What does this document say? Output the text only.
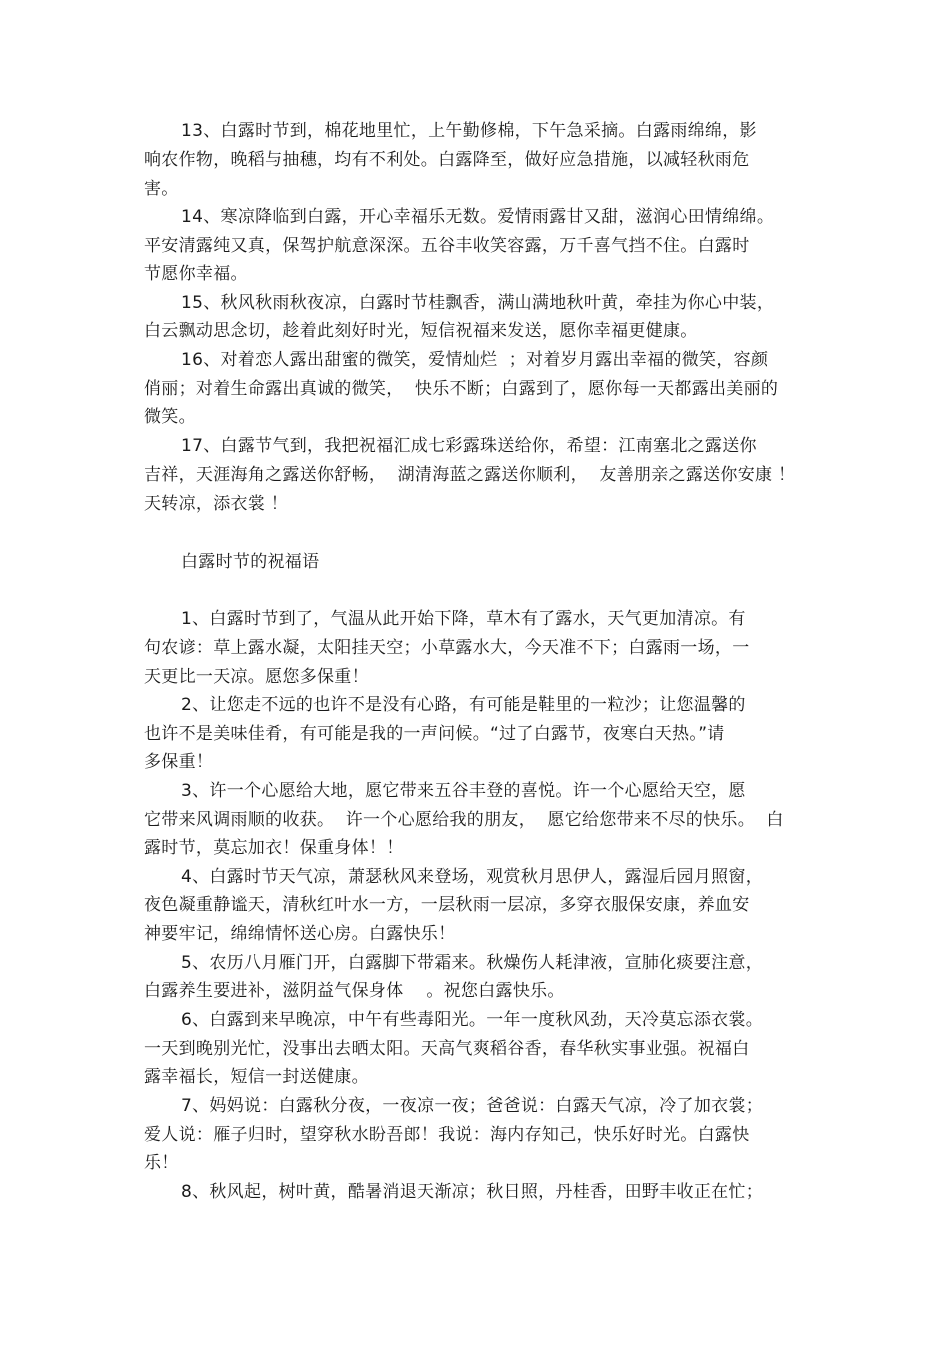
13、白露时节到，棉花地里忙，上午勤修棉，下午急采摘。白露雨绵绵，影
响农作物，晚稻与抽穗，均有不利处。白露降至，做好应急措施，以减轻秋雨危
害。
14、寒凉降临到白露，开心幸福乐无数。爱情雨露甘又甜，滋润心田情绵绵。
平安清露纯又真，保驾护航意深深。五谷丰收笑容露，万千喜气挡不住。白露时
节愿你幸福。
15、秋风秋雨秋夜凉，白露时节桂飘香，满山满地秋叶黄，牵挂为你心中装，
白云飘动思念切，趁着此刻好时光，短信祝福来发送，愿你幸福更健康。
16、对着恋人露出甜蜜的微笑，爱情灿烂  ；对着岁月露出幸福的微笑，容颜
俏丽；对着生命露出真诚的微笑，  快乐不断；白露到了，愿你每一天都露出美丽的
微笑。
17、白露节气到，我把祝福汇成七彩露珠送给你，希望：江南塞北之露送你
吉祥，天涯海角之露送你舒畅，  湖清海蓝之露送你顺利，  友善朋亲之露送你安康 ！
天转凉，添衣裳 ！
白露时节的祝福语
1、白露时节到了，气温从此开始下降，草木有了露水，天气更加清凉。有
句农谚：草上露水凝，太阳挂天空；小草露水大，今天准不下；白露雨一场，一
天更比一天凉。愿您多保重！
2、让您走不远的也许不是没有心路，有可能是鞋里的一粒沙；让您温馨的
也许不是美味佳肴，有可能是我的一声问候。“过了白露节，夜寒白天热。”请
多保重！
3、许一个心愿给大地，愿它带来五谷丰登的喜悦。许一个心愿给天空，愿
它带来风调雨顺的收获。  许一个心愿给我的朋友，  愿它给您带来不尽的快乐。  白
露时节，莫忘加衣！保重身体！！
4、白露时节天气凉，萧瑟秋风来登场，观赏秋月思伊人，露湿后园月照窗，
夜色凝重静谧天，清秋红叶水一方，一层秋雨一层凉，多穿衣服保安康，养血安
神要牢记，绵绵情怀送心房。白露快乐！
5、农历八月雁门开，白露脚下带霜来。秋燥伤人耗津液，宣肺化痰要注意，
白露养生要进补，滋阴益气保身体    。祝您白露快乐。
6、白露到来早晚凉，中午有些毒阳光。一年一度秋风劲，天冷莫忘添衣裳。
一天到晚别光忙，没事出去晒太阳。天高气爽稻谷香，春华秋实事业强。祝福白
露幸福长，短信一封送健康。
7、妈妈说：白露秋分夜，一夜凉一夜；爸爸说：白露天气凉，冷了加衣裳；
爱人说：雁子归时，望穿秋水盼吾郎！我说：海内存知己，快乐好时光。白露快
乐！
8、秋风起，树叶黄，酷暑消退天渐凉；秋日照，丹桂香，田野丰收正在忙；
